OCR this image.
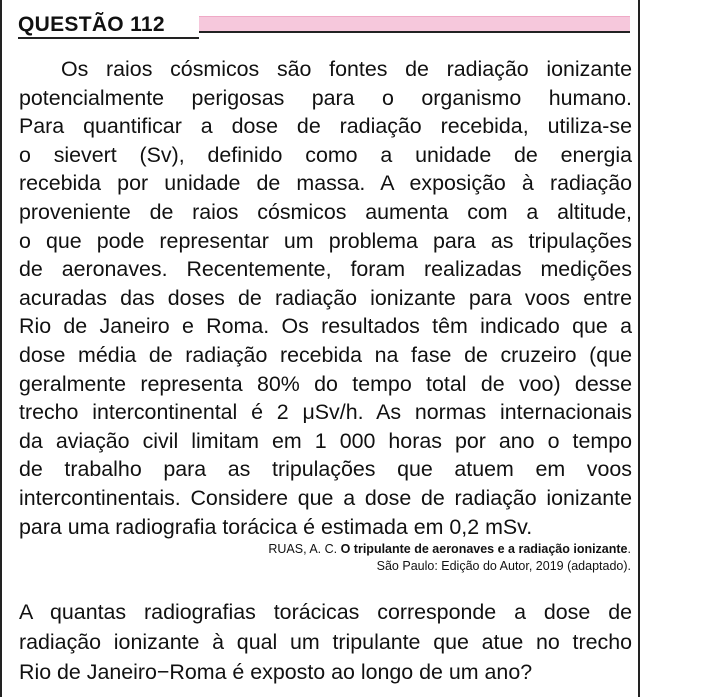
QUESTÃO 112
Os raios cósmicos são fontes de radiação ionizante
potencialmente perigosas para o organismo humano.
Para quantificar a dose de radiação recebida, utiliza-se
o sievert (Sv), definido como a unidade de energia
recebida por unidade de massa. A exposição à radiação
proveniente de raios cósmicos aumenta com a altitude,
o que pode representar um problema para as tripulações
de aeronaves. Recentemente, foram realizadas medições
acuradas das doses de radiação ionizante para voos entre
Rio de Janeiro e Roma. Os resultados têm indicado que a
dose média de radiação recebida na fase de cruzeiro (que
geralmente representa 80% do tempo total de voo) desse
trecho intercontinental é 2 μSv/h. As normas internacionais
da aviação civil limitam em 1 000 horas por ano o tempo
de trabalho para as tripulações que atuem em voos
intercontinentais. Considere que a dose de radiação ionizante
para uma radiografia torácica é estimada em 0,2 mSv.
RUAS, A. C. O tripulante de aeronaves e a radiação ionizante.
São Paulo: Edição do Autor, 2019 (adaptado).
A quantas radiografias torácicas corresponde a dose de
radiação ionizante à qual um tripulante que atue no trecho
Rio de Janeiro−Roma é exposto ao longo de um ano?
